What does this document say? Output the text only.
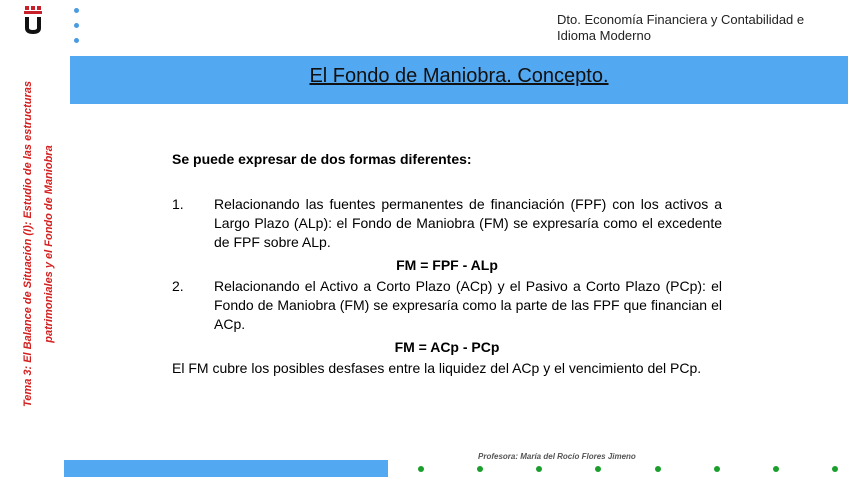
Dto. Economía Financiera y Contabilidad e
Idioma Moderno
El Fondo de Maniobra. Concepto.
Tema 3: El Balance de Situación (I): Estudio de las estructuras patrimoniales y el Fondo de Maniobra	Se puede expresar de dos formas diferentes:

1.	Relacionando las fuentes permanentes de financiación (FPF) con los activos a Largo Plazo (ALp): el Fondo de Maniobra (FM) se expresaría como el excedente de FPF sobre ALp.
FM = FPF - ALp
2.	Relacionando el Activo a Corto Plazo (ACp) y el Pasivo a Corto Plazo (PCp): el Fondo de Maniobra (FM) se expresaría como la parte de las FPF que financian el ACp.
FM = ACp - PCp
El FM cubre los posibles desfases entre la liquidez del ACp y el vencimiento del PCp.
Profesora: María del Rocío Flores Jimeno
